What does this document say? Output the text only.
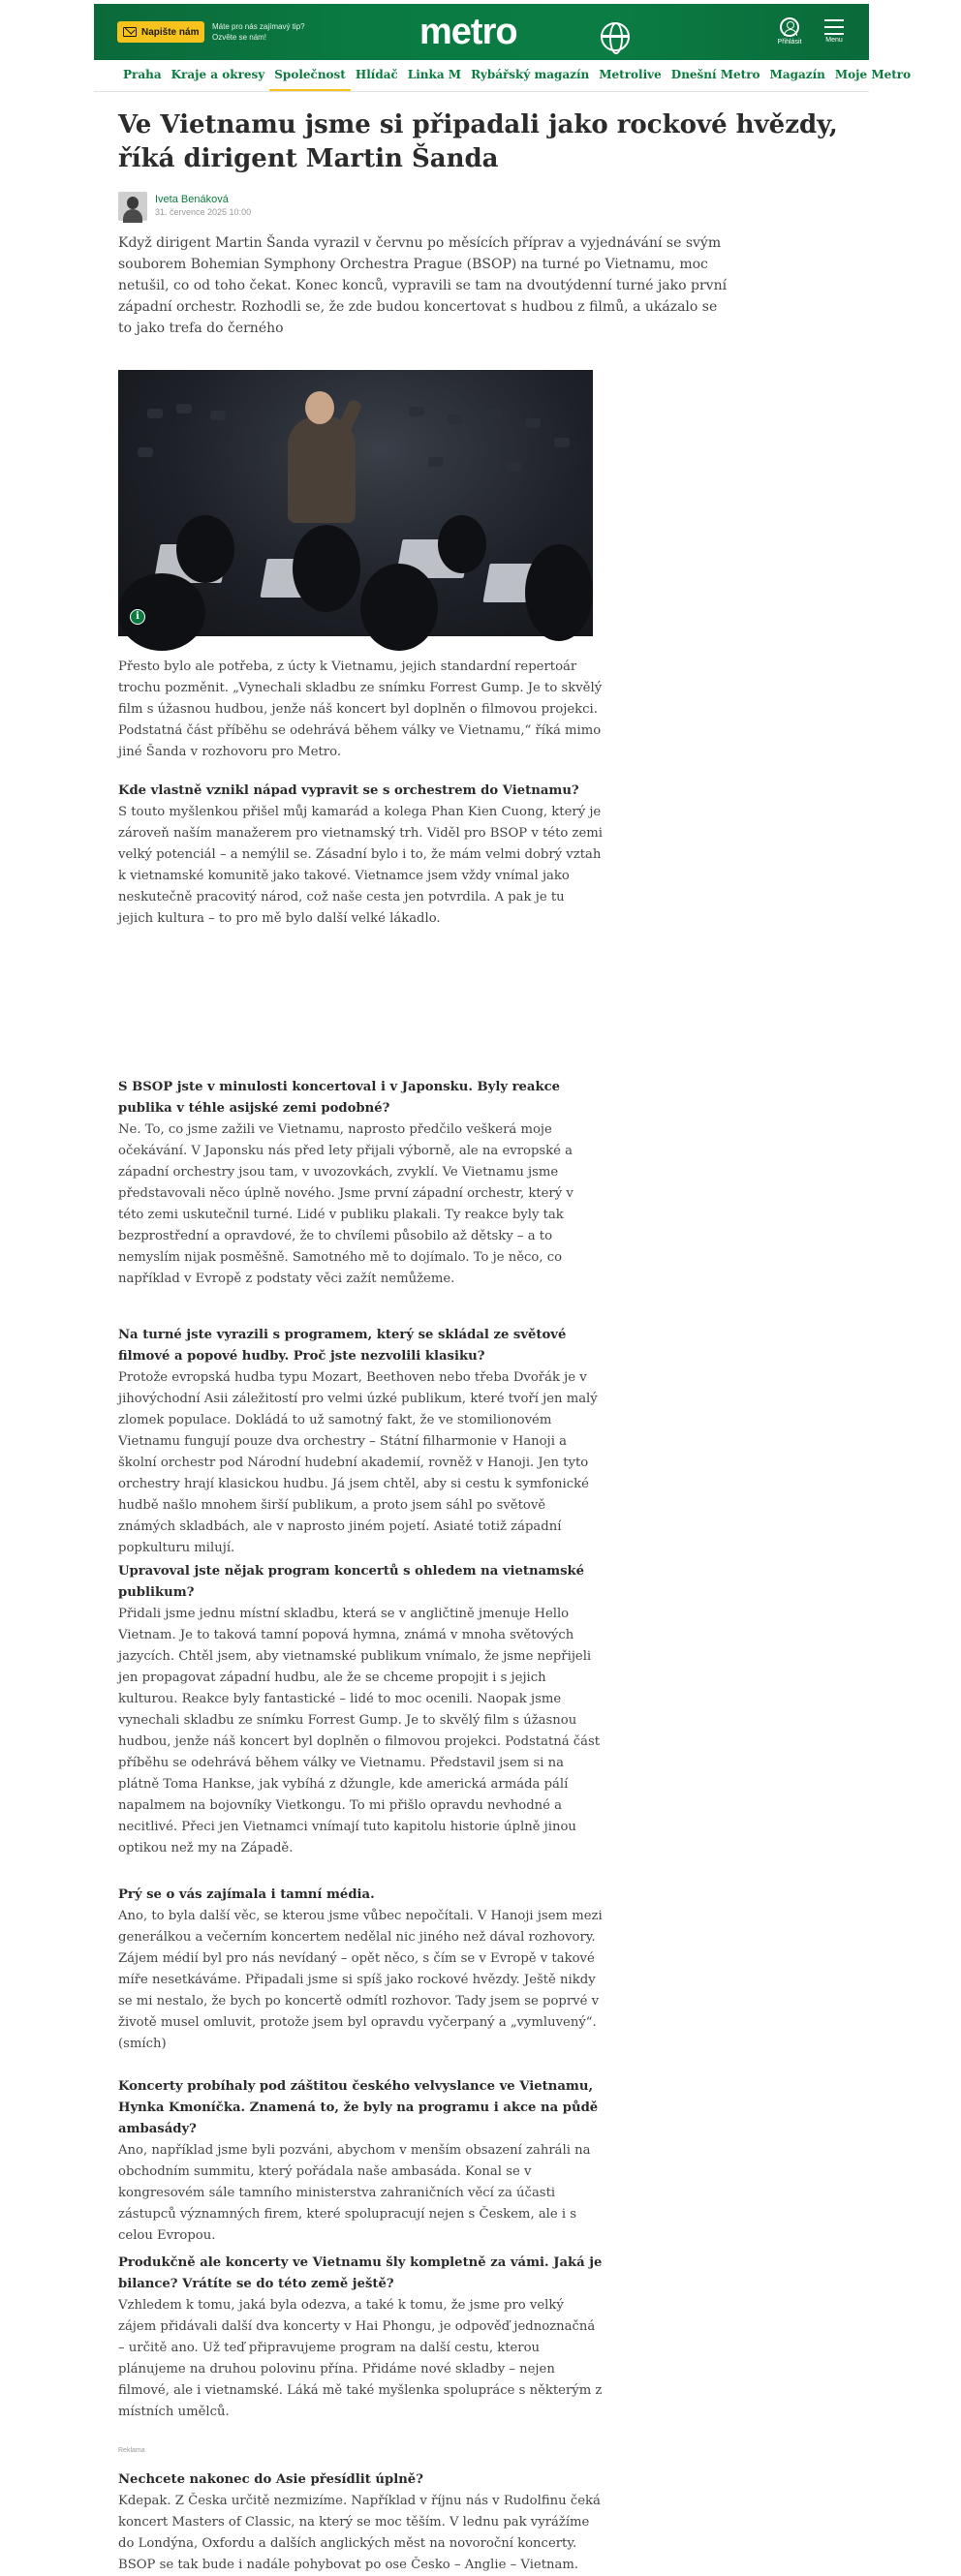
Napište nám Máte pro nás zajímavý tip? Ozvěte se nám!	metro	Přihlásit	Menu
Praha Kraje a okresy Společnost Hlídač Linka M Rybářský magazín Metrolive Dnešní Metro Magazín Moje Metro
Ve Vietnamu jsme si připadali jako rockové hvězdy, říká dirigent Martin Šanda
Iveta Benáková
31. července 2025 10:00

Když dirigent Martin Šanda vyrazil v červnu po měsících příprav a vyjednávání se svým souborem Bohemian Symphony Orchestra Prague (BSOP) na turné po Vietnamu, moc netušil, co od toho čekat. Konec konců, vypravili se tam na dvoutýdenní turné jako první západní orchestr. Rozhodli se, že zde budou koncertovat s hudbou z filmů, a ukázalo se to jako trefa do černého

i

Přesto bylo ale potřeba, z úcty k Vietnamu, jejich standardní repertoár trochu pozměnit. „Vynechali skladbu ze snímku Forrest Gump. Je to skvělý film s úžasnou hudbou, jenže náš koncert byl doplněn o filmovou projekci. Podstatná část příběhu se odehrává během války ve Vietnamu,“ říká mimo jiné Šanda v rozhovoru pro Metro.

Kde vlastně vznikl nápad vypravit se s orchestrem do Vietnamu?

S touto myšlenkou přišel můj kamarád a kolega Phan Kien Cuong, který je zároveň naším manažerem pro vietnamský trh. Viděl pro BSOP v této zemi velký potenciál – a nemýlil se. Zásadní bylo i to, že mám velmi dobrý vztah k vietnamské komunitě jako takové. Vietnamce jsem vždy vnímal jako neskutečně pracovitý národ, což naše cesta jen potvrdila. A pak je tu jejich kultura – to pro mě bylo další velké lákadlo.

S BSOP jste v minulosti koncertoval i v Japonsku. Byly reakce publika v téhle asijské zemi podobné?

Ne. To, co jsme zažili ve Vietnamu, naprosto předčilo veškerá moje očekávání. V Japonsku nás před lety přijali výborně, ale na evropské a západní orchestry jsou tam, v uvozovkách, zvyklí. Ve Vietnamu jsme představovali něco úplně nového. Jsme první západní orchestr, který v této zemi uskutečnil turné. Lidé v publiku plakali. Ty reakce byly tak bezprostřední a opravdové, že to chvílemi působilo až dětsky – a to nemyslím nijak posměšně. Samotného mě to dojímalo. To je něco, co například v Evropě z podstaty věci zažít nemůžeme.

Na turné jste vyrazili s programem, který se skládal ze světové filmové a popové hudby. Proč jste nezvolili klasiku?

Protože evropská hudba typu Mozart, Beethoven nebo třeba Dvořák je v jihovýchodní Asii záležitostí pro velmi úzké publikum, které tvoří jen malý zlomek populace. Dokládá to už samotný fakt, že ve stomilionovém Vietnamu fungují pouze dva orchestry – Státní filharmonie v Hanoji a školní orchestr pod Národní hudební akademií, rovněž v Hanoji. Jen tyto orchestry hrají klasickou hudbu. Já jsem chtěl, aby si cestu k symfonické hudbě našlo mnohem širší publikum, a proto jsem sáhl po světově známých skladbách, ale v naprosto jiném pojetí. Asiaté totiž západní popkulturu milují.

Upravoval jste nějak program koncertů s ohledem na vietnamské publikum?

Přidali jsme jednu místní skladbu, která se v angličtině jmenuje Hello Vietnam. Je to taková tamní popová hymna, známá v mnoha světových jazycích. Chtěl jsem, aby vietnamské publikum vnímalo, že jsme nepřijeli jen propagovat západní hudbu, ale že se chceme propojit i s jejich kulturou. Reakce byly fantastické – lidé to moc ocenili. Naopak jsme vynechali skladbu ze snímku Forrest Gump. Je to skvělý film s úžasnou hudbou, jenže náš koncert byl doplněn o filmovou projekci. Podstatná část příběhu se odehrává během války ve Vietnamu. Představil jsem si na plátně Toma Hankse, jak vybíhá z džungle, kde americká armáda pálí napalmem na bojovníky Vietkongu. To mi přišlo opravdu nevhodné a necitlivé. Přeci jen Vietnamci vnímají tuto kapitolu historie úplně jinou optikou než my na Západě.

Prý se o vás zajímala i tamní média.

Ano, to byla další věc, se kterou jsme vůbec nepočítali. V Hanoji jsem mezi generálkou a večerním koncertem nedělal nic jiného než dával rozhovory. Zájem médií byl pro nás nevídaný – opět něco, s čím se v Evropě v takové míře nesetkáváme. Připadali jsme si spíš jako rockové hvězdy. Ještě nikdy se mi nestalo, že bych po koncertě odmítl rozhovor. Tady jsem se poprvé v životě musel omluvit, protože jsem byl opravdu vyčerpaný a „vymluvený“. (smích)

Koncerty probíhaly pod záštitou českého velvyslance ve Vietnamu, Hynka Kmoníčka. Znamená to, že byly na programu i akce na půdě ambasády?

Ano, například jsme byli pozváni, abychom v menším obsazení zahráli na obchodním summitu, který pořádala naše ambasáda. Konal se v kongresovém sále tamního ministerstva zahraničních věcí za účasti zástupců významných firem, které spolupracují nejen s Českem, ale i s celou Evropou.

Produkčně ale koncerty ve Vietnamu šly kompletně za vámi. Jaká je bilance? Vrátíte se do této země ještě?

Vzhledem k tomu, jaká byla odezva, a také k tomu, že jsme pro velký zájem přidávali další dva koncerty v Hai Phongu, je odpověď jednoznačná – určitě ano. Už teď připravujeme program na další cestu, kterou plánujeme na druhou polovinu přína. Přidáme nové skladby – nejen filmové, ale i vietnamské. Láká mě také myšlenka spolupráce s některým z místních umělců.

Reklama

Nechcete nakonec do Asie přesídlit úplně?

Kdepak. Z Česka určitě nezmizíme. Například v říjnu nás v Rudolfinu čeká koncert Masters of Classic, na který se moc těším. V lednu pak vyrážíme do Londýna, Oxfordu a dalších anglických měst na novoroční koncerty. BSOP se tak bude i nadále pohybovat po ose Česko – Anglie – Vietnam.
